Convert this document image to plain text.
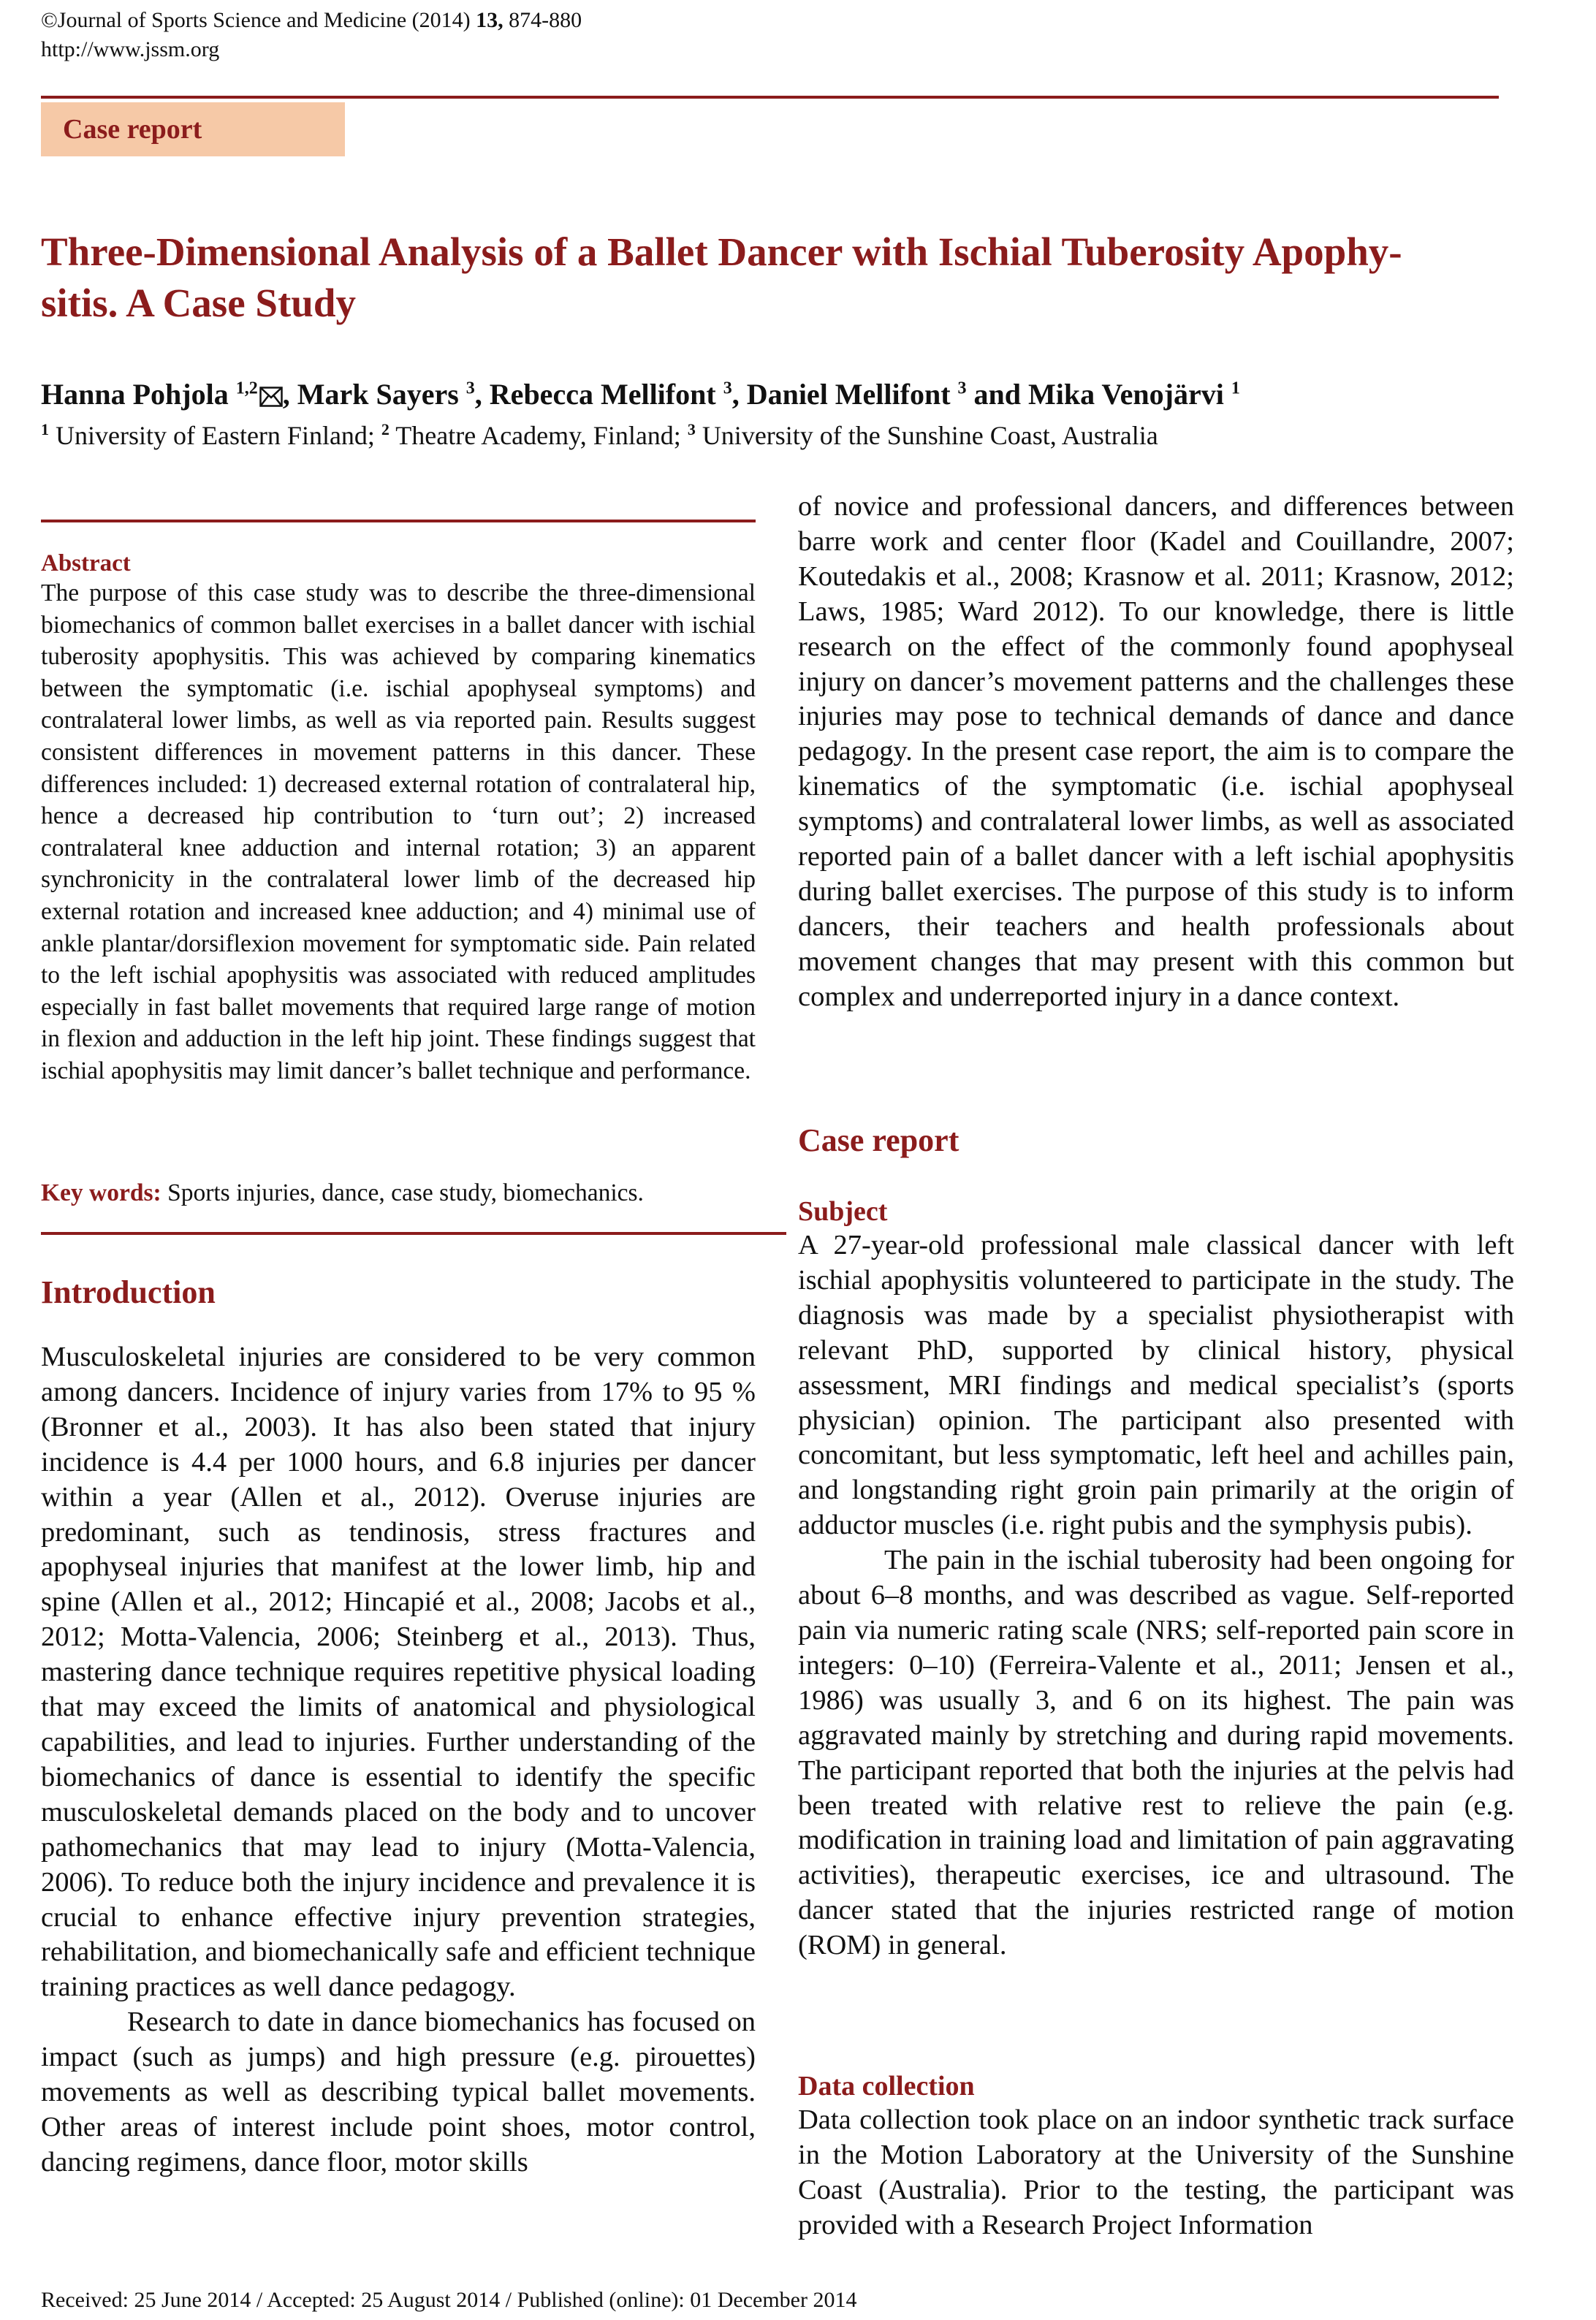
©Journal of Sports Science and Medicine (2014) 13, 874-880
http://www.jssm.org
Case report
Three-Dimensional Analysis of a Ballet Dancer with Ischial Tuberosity Apophy-
sitis. A Case Study
Hanna Pohjola $^{1,2}$ , Mark Sayers $^3$, Rebecca Mellifont $^3$, Daniel Mellifont $^3$ and Mika Venojärvi $^1$
$^1$ University of Eastern Finland; $^2$ Theatre Academy, Finland; $^3$ University of the Sunshine Coast, Australia
Abstract
The purpose of this case study was to describe the three-dimensional biomechanics of common ballet exercises in a ballet dancer with ischial tuberosity apophysitis. This was achieved by comparing kinematics between the symptomatic (i.e. ischial apophyseal symptoms) and contralateral lower limbs, as well as via reported pain. Results suggest consistent differences in movement patterns in this dancer. These differences included: 1) decreased external rotation of contralateral hip, hence a decreased hip contribution to ‘turn out’; 2) increased contralateral knee adduction and internal rotation; 3) an apparent synchronicity in the contralateral lower limb of the decreased hip external rotation and increased knee adduction; and 4) minimal use of ankle plantar/dorsiflexion movement for symptomatic side. Pain related to the left ischial apophysitis was associated with reduced amplitudes especially in fast ballet movements that required large range of motion in flexion and adduction in the left hip joint. These findings suggest that ischial apophysitis may limit dancer’s ballet technique and performance.
Key words: Sports injuries, dance, case study, biomechanics.
Introduction

Musculoskeletal injuries are considered to be very common among dancers. Incidence of injury varies from 17% to 95 % (Bronner et al., 2003). It has also been stated that injury incidence is 4.4 per 1000 hours, and 6.8 injuries per dancer within a year (Allen et al., 2012). Overuse injuries are predominant, such as tendinosis, stress fractures and apophyseal injuries that manifest at the lower limb, hip and spine (Allen et al., 2012; Hincapié et al., 2008; Jacobs et al., 2012; Motta-Valencia, 2006; Steinberg et al., 2013). Thus, mastering dance technique requires repetitive physical loading that may exceed the limits of anatomical and physiological capabilities, and lead to injuries. Further understanding of the biomechanics of dance is essential to identify the specific musculoskeletal demands placed on the body and to uncover pathomechanics that may lead to injury (Motta-Valencia, 2006). To reduce both the injury incidence and prevalence it is crucial to enhance effective injury prevention strategies, rehabilitation, and biomechanically safe and efficient technique training practices as well dance pedagogy.

Research to date in dance biomechanics has focused on impact (such as jumps) and high pressure (e.g. pirouettes) movements as well as describing typical ballet movements. Other areas of interest include point shoes, motor control, dancing regimens, dance floor, motor skills

of novice and professional dancers, and differences between barre work and center floor (Kadel and Couillandre, 2007; Koutedakis et al., 2008; Krasnow et al. 2011; Krasnow, 2012; Laws, 1985; Ward 2012). To our knowledge, there is little research on the effect of the commonly found apophyseal injury on dancer’s movement patterns and the challenges these injuries may pose to technical demands of dance and dance pedagogy. In the present case report, the aim is to compare the kinematics of the symptomatic (i.e. ischial apophyseal symptoms) and contralateral lower limbs, as well as associated reported pain of a ballet dancer with a left ischial apophysitis during ballet exercises. The purpose of this study is to inform dancers, their teachers and health professionals about movement changes that may present with this common but complex and underreported injury in a dance context.

Case report
Subject

A 27-year-old professional male classical dancer with left ischial apophysitis volunteered to participate in the study. The diagnosis was made by a specialist physiotherapist with relevant PhD, supported by clinical history, physical assessment, MRI findings and medical specialist’s (sports physician) opinion. The participant also presented with concomitant, but less symptomatic, left heel and achilles pain, and longstanding right groin pain primarily at the origin of adductor muscles (i.e. right pubis and the symphysis pubis).

The pain in the ischial tuberosity had been ongoing for about 6–8 months, and was described as vague. Self-reported pain via numeric rating scale (NRS; self-reported pain score in integers: 0–10) (Ferreira-Valente et al., 2011; Jensen et al., 1986) was usually 3, and 6 on its highest. The pain was aggravated mainly by stretching and during rapid movements. The participant reported that both the injuries at the pelvis had been treated with relative rest to relieve the pain (e.g. modification in training load and limitation of pain aggravating activities), therapeutic exercises, ice and ultrasound. The dancer stated that the injuries restricted range of motion (ROM) in general.

Data collection

Data collection took place on an indoor synthetic track surface in the Motion Laboratory at the University of the Sunshine Coast (Australia). Prior to the testing, the participant was provided with a Research Project Information

Received: 25 June 2014 / Accepted: 25 August 2014 / Published (online): 01 December 2014
